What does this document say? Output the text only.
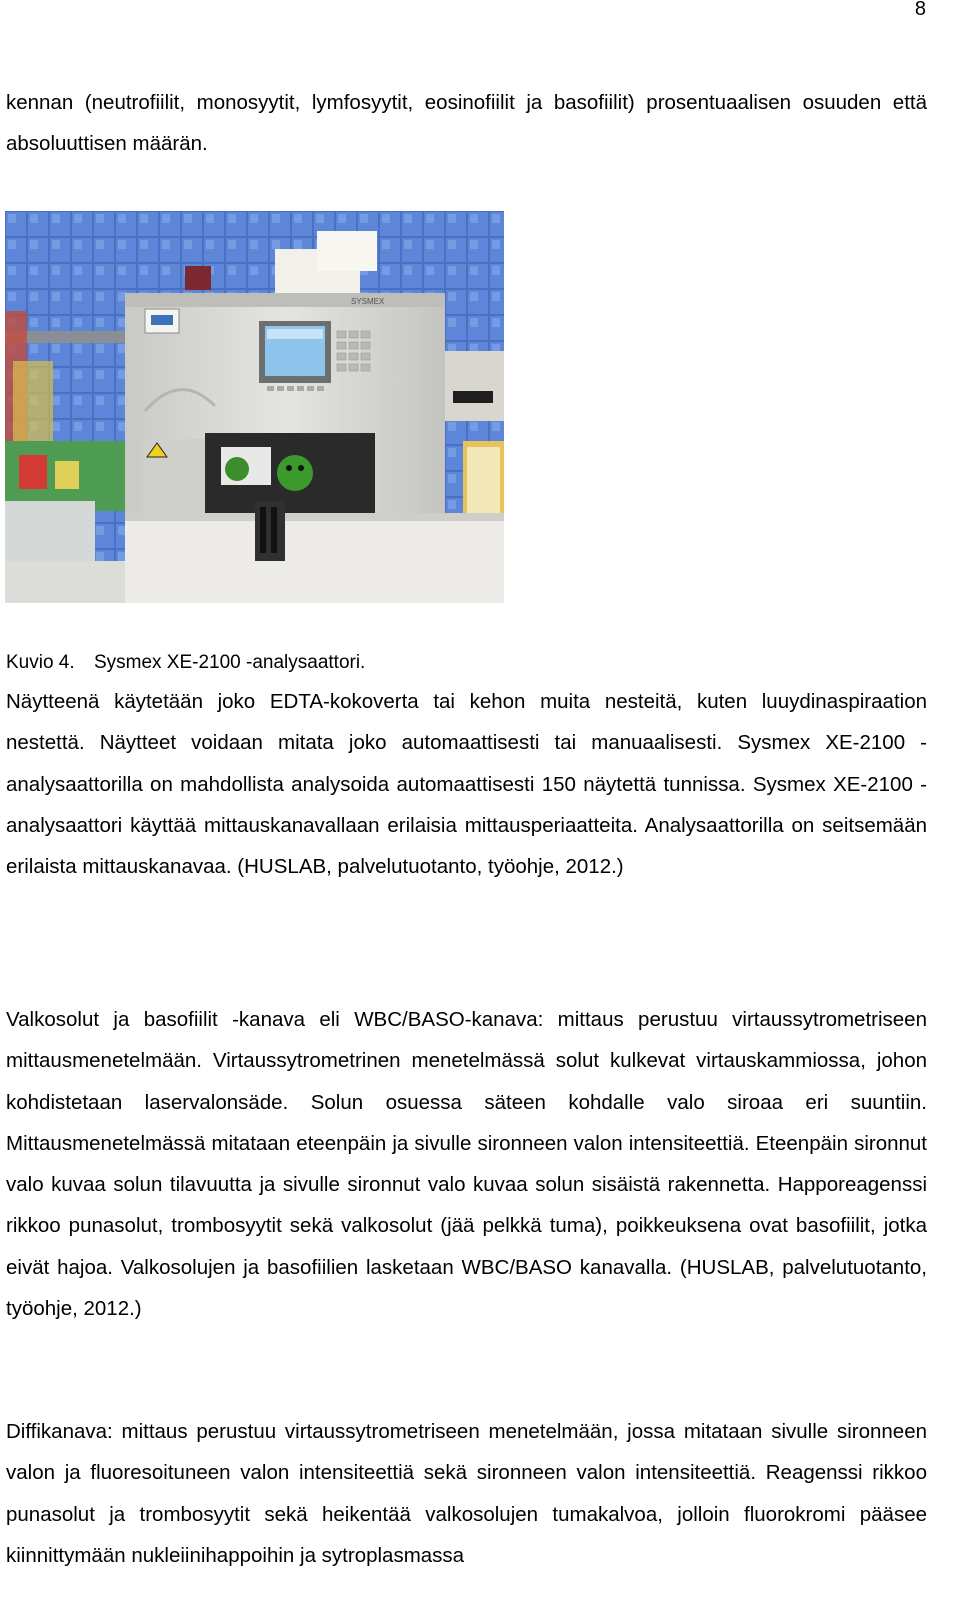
8

kennan (neutrofiilit, monosyytit, lymfosyytit, eosinofiilit ja basofiilit) prosentuaalisen osuuden että absoluuttisen määrän.

SYSMEX
Kuvio 4. Sysmex XE-2100 -analysaattori.

Näytteenä käytetään joko EDTA-kokoverta tai kehon muita nesteitä, kuten luuydinaspiraation nestettä. Näytteet voidaan mitata joko automaattisesti tai manuaalisesti. Sysmex XE-2100 -analysaattorilla on mahdollista analysoida automaattisesti 150 näytettä tunnissa. Sysmex XE-2100 -analysaattori käyttää mittauskanavallaan erilaisia mittausperiaatteita. Analysaattorilla on seitsemään erilaista mittauskanavaa. (HUSLAB, palvelutuotanto, työohje, 2012.)

Valkosolut ja basofiilit -kanava eli WBC/BASO-kanava: mittaus perustuu virtaussytrometriseen mittausmenetelmään. Virtaussytrometrinen menetelmässä solut kulkevat virtauskammiossa, johon kohdistetaan laservalonsäde. Solun osuessa säteen kohdalle valo siroaa eri suuntiin. Mittausmenetelmässä mitataan eteenpäin ja sivulle sironneen valon intensiteettiä. Eteenpäin sironnut valo kuvaa solun tilavuutta ja sivulle sironnut valo kuvaa solun sisäistä rakennetta. Happoreagenssi rikkoo punasolut, trombosyytit sekä valkosolut (jää pelkkä tuma), poikkeuksena ovat basofiilit, jotka eivät hajoa. Valkosolujen ja basofiilien lasketaan WBC/BASO kanavalla. (HUSLAB, palvelutuotanto, työohje, 2012.)

Diffikanava: mittaus perustuu virtaussytrometriseen menetelmään, jossa mitataan sivulle sironneen valon ja fluoresoituneen valon intensiteettiä sekä sironneen valon intensiteettiä. Reagenssi rikkoo punasolut ja trombosyytit sekä heikentää valkosolujen tumakalvoa, jolloin fluorokromi pääsee kiinnittymään nukleiinihappoihin ja sytroplasmassa
